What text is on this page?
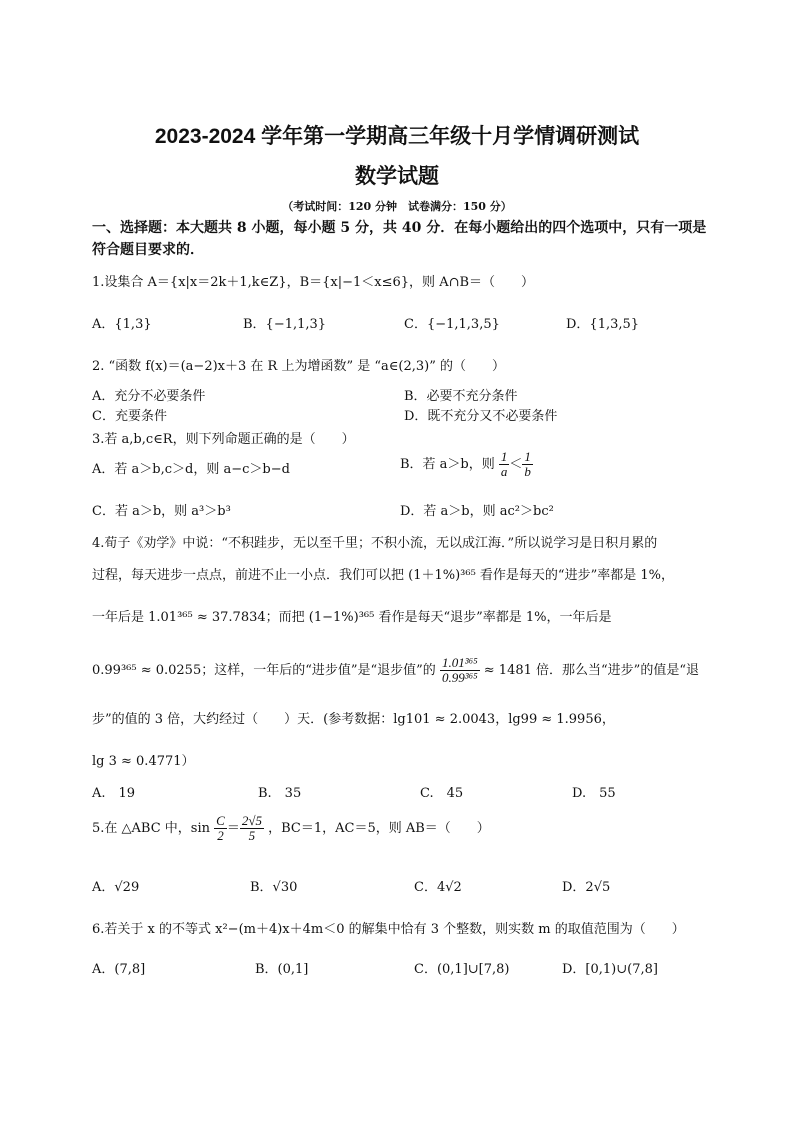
2023-2024 学年第一学期高三年级十月学情调研测试
数学试题
（考试时间：120 分钟　试卷满分：150 分）
一、选择题：本大题共 8 小题，每小题 5 分，共 40 分．在每小题给出的四个选项中，只有一项是符合题目要求的．
1.设集合 A＝{x|x＝2k＋1,k∈Z}，B＝{x|−1＜x≤6}，则 A∩B＝（　　）
A．{1,3}	B．{−1,1,3}	C．{−1,1,3,5}	D．{1,3,5}
2. “函数 f(x)＝(a−2)x＋3 在 R 上为增函数” 是 “a∈(2,3)” 的（　　）
A．充分不必要条件	B．必要不充分条件
C．充要条件	D．既不充分又不必要条件
3.若 a,b,c∈R，则下列命题正确的是（　　）
A．若 a＞b,c＞d，则 a−c＞b−d	B．若 a＞b，则 $\frac{1}{a} < \frac{1}{b}$
C．若 a＞b，则 a³＞b³	D．若 a＞b，则 ac²＞bc²
4.荀子《劝学》中说：“不积跬步，无以至千里；不积小流，无以成江海．”所以说学习是日积月累的
过程，每天进步一点点，前进不止一小点．我们可以把 (1＋1%)³⁶⁵ 看作是每天的“进步”率都是 1%，
一年后是 1.01³⁶⁵ ≈ 37.7834；而把 (1−1%)³⁶⁵ 看作是每天“退步”率都是 1%，一年后是
0.99³⁶⁵ ≈ 0.0255；这样，一年后的“进步值”是“退步值”的 $\frac{\text{1.01³⁶⁵}}{\text{0.99³⁶⁵}} \approx 1481$ 倍．那么当“进步”的值是“退
步”的值的 3 倍，大约经过（　　）天．(参考数据：lg101 ≈ 2.0043，lg99 ≈ 1.9956，
lg 3 ≈ 0.4771）
A.　19	B.　35	C.　45	D.　55
5.在 △ABC 中，$\sin \frac{C}{2} = \frac{2√5}{5}$ ，BC＝1，AC＝5，则 AB＝（　　）
A．√29	B．√30	C．4√2	D．2√5
6.若关于 x 的不等式 x²−(m＋4)x＋4m＜0 的解集中恰有 3 个整数，则实数 m 的取值范围为（　　）
A．(7,8]	B．(0,1]	C．(0,1]∪[7,8)	D．[0,1)∪(7,8]
